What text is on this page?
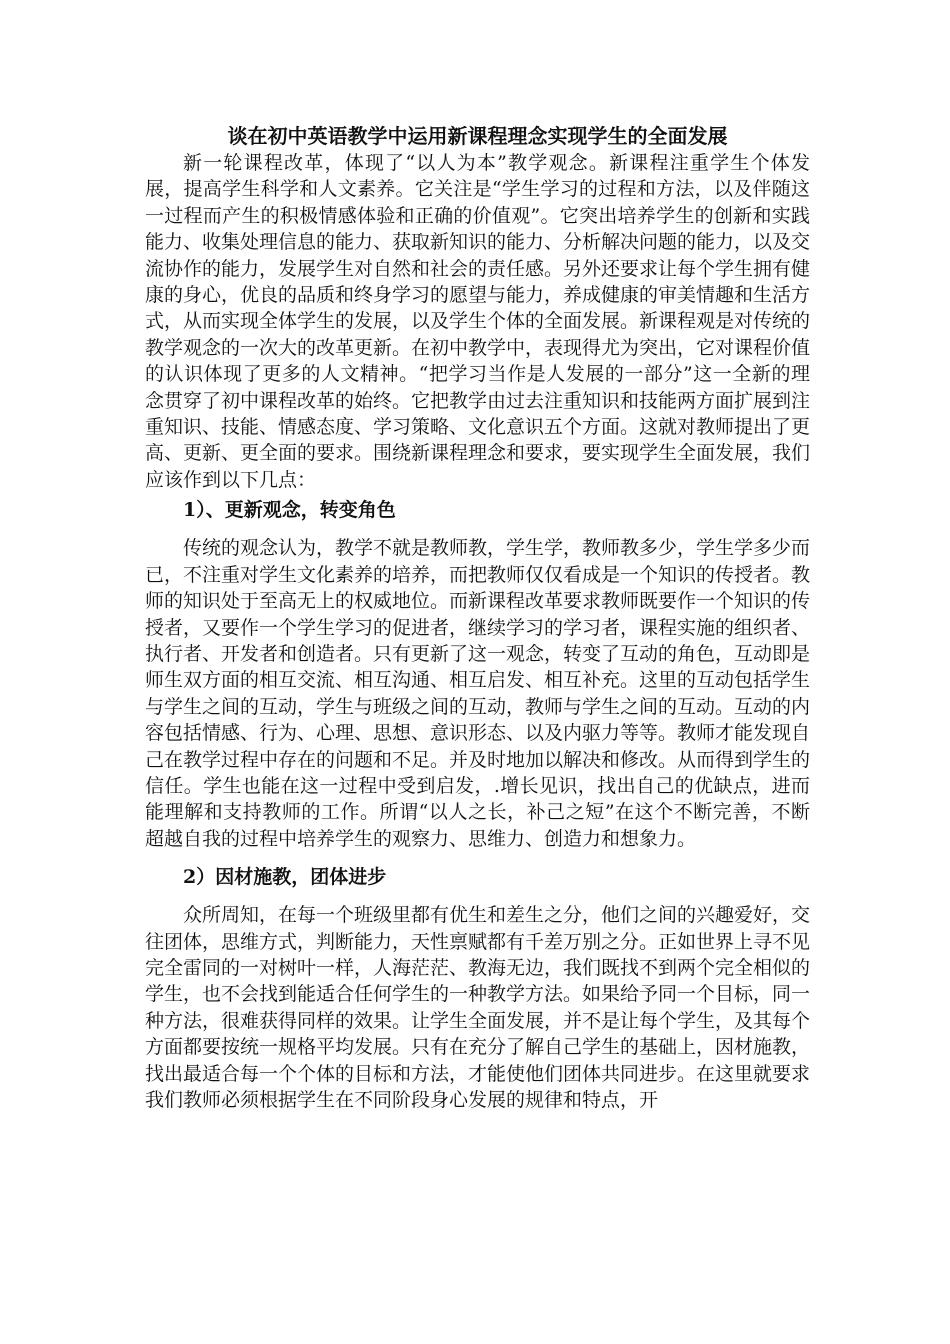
谈在初中英语教学中运用新课程理念实现学生的全面发展

新一轮课程改革，体现了“以人为本”教学观念。新课程注重学生个体发展，提高学生科学和人文素养。它关注是“学生学习的过程和方法，以及伴随这一过程而产生的积极情感体验和正确的价值观”。它突出培养学生的创新和实践能力、收集处理信息的能力、获取新知识的能力、分析解决问题的能力，以及交流协作的能力，发展学生对自然和社会的责任感。另外还要求让每个学生拥有健康的身心，优良的品质和终身学习的愿望与能力，养成健康的审美情趣和生活方式，从而实现全体学生的发展，以及学生个体的全面发展。新课程观是对传统的教学观念的一次大的改革更新。在初中教学中，表现得尤为突出，它对课程价值的认识体现了更多的人文精神。“把学习当作是人发展的一部分”这一全新的理念贯穿了初中课程改革的始终。它把教学由过去注重知识和技能两方面扩展到注重知识、技能、情感态度、学习策略、文化意识五个方面。这就对教师提出了更高、更新、更全面的要求。围绕新课程理念和要求，要实现学生全面发展，我们应该作到以下几点：

1）、更新观念，转变角色

传统的观念认为，教学不就是教师教，学生学，教师教多少，学生学多少而已，不注重对学生文化素养的培养，而把教师仅仅看成是一个知识的传授者。教师的知识处于至高无上的权威地位。而新课程改革要求教师既要作一个知识的传授者，又要作一个学生学习的促进者，继续学习的学习者，课程实施的组织者、执行者、开发者和创造者。只有更新了这一观念，转变了互动的角色，互动即是师生双方面的相互交流、相互沟通、相互启发、相互补充。这里的互动包括学生与学生之间的互动，学生与班级之间的互动，教师与学生之间的互动。互动的内容包括情感、行为、心理、思想、意识形态、以及内驱力等等。教师才能发现自己在教学过程中存在的问题和不足。并及时地加以解决和修改。从而得到学生的信任。学生也能在这一过程中受到启发，.增长见识，找出自己的优缺点，进而能理解和支持教师的工作。所谓“以人之长，补己之短”在这个不断完善，不断超越自我的过程中培养学生的观察力、思维力、创造力和想象力。

2）因材施教，团体进步

众所周知，在每一个班级里都有优生和差生之分，他们之间的兴趣爱好，交往团体，思维方式，判断能力，天性禀赋都有千差万别之分。正如世界上寻不见完全雷同的一对树叶一样，人海茫茫、教海无边，我们既找不到两个完全相似的学生，也不会找到能适合任何学生的一种教学方法。如果给予同一个目标，同一种方法，很难获得同样的效果。让学生全面发展，并不是让每个学生，及其每个方面都要按统一规格平均发展。只有在充分了解自己学生的基础上，因材施教，找出最适合每一个个体的目标和方法，才能使他们团体共同进步。在这里就要求我们教师必须根据学生在不同阶段身心发展的规律和特点，开
